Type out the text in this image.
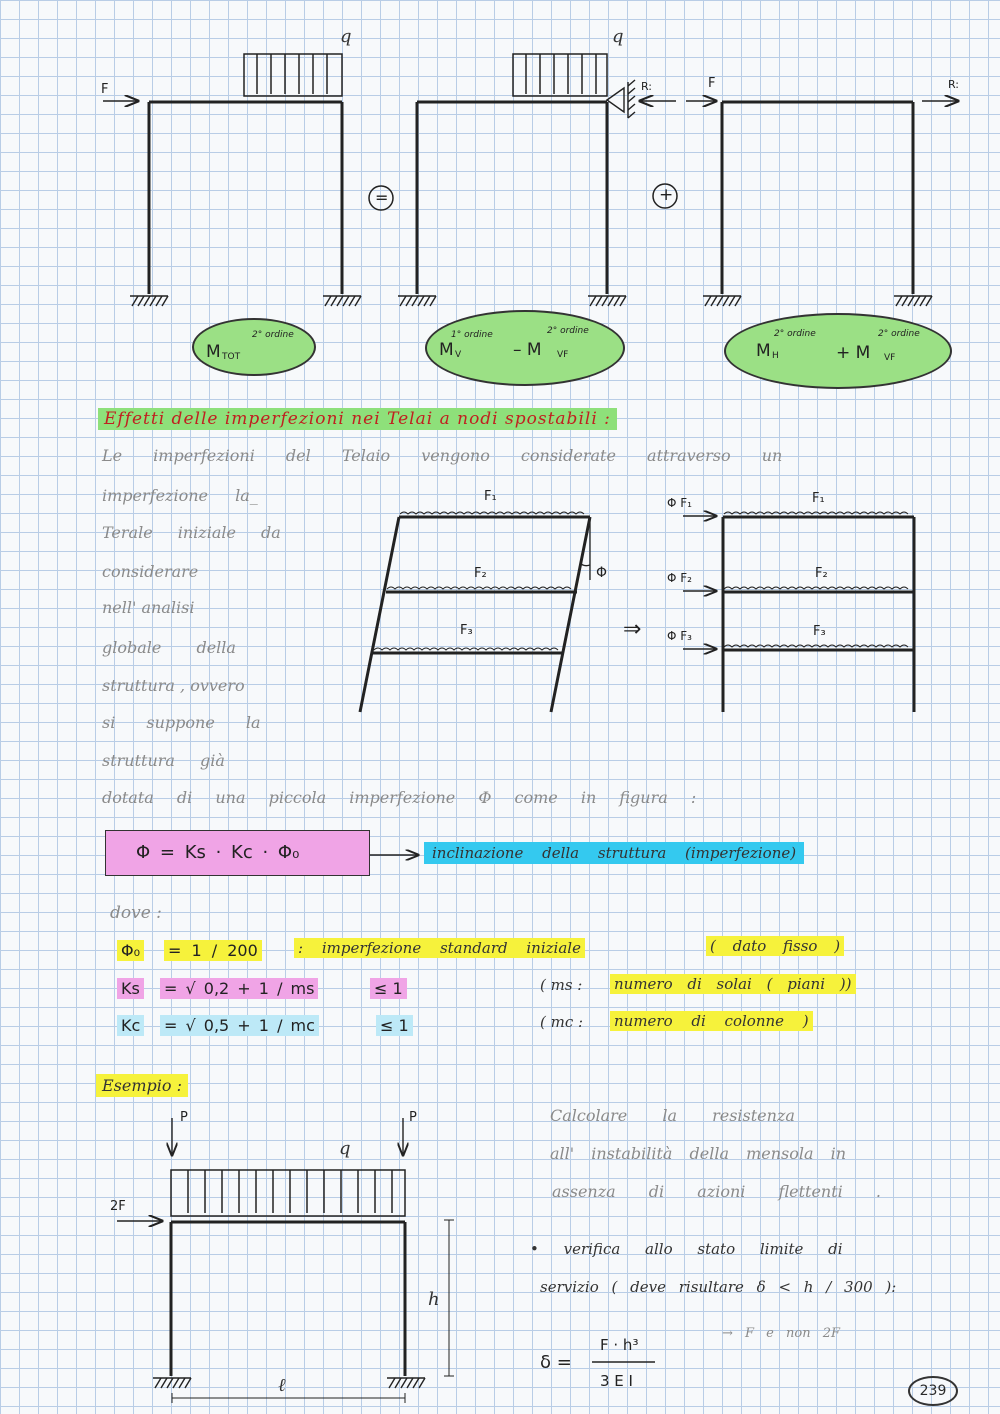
q	q
F	F
R:	R:
=	+
2° ordine
M TOT
1° ordine	2° ordine
M V	– M VF
2° ordine	2° ordine
M H	+ M VF
Effetti delle imperfezioni nei Telai a nodi spostabili :
Le imperfezioni del Telaio vengono considerate attraverso un
imperfezione la_
Terale iniziale da
considerare
nell' analisi
globale della
struttura , ovvero
si suppone la
struttura già
dotata di una piccola imperfezione Φ come in figura :
F₁
F₂
F₃
Φ
⇒
Φ F₁
Φ F₂
Φ F₃
F₁
F₂
F₃
Φ = Ks · Kc · Φ₀	inclinazione della struttura (imperfezione)
dove :
Φ₀ = 1 / 200	: imperfezione standard iniziale	( dato fisso )
Ks = √ 0,2 + 1 / ms	≤ 1	( ms : numero di solai ( piani ))
Kc = √ 0,5 + 1 / mc	≤ 1	( mc : numero di colonne )
Esempio :
P	P
q
2F
h
ℓ
Calcolare la resistenza
all' instabilità della mensola in
assenza di azioni flettenti .
• verifica allo stato limite di
servizio ( deve risultare δ < h / 300 ):
δ =
F · h³
3 E I
→ F e non 2F
239
